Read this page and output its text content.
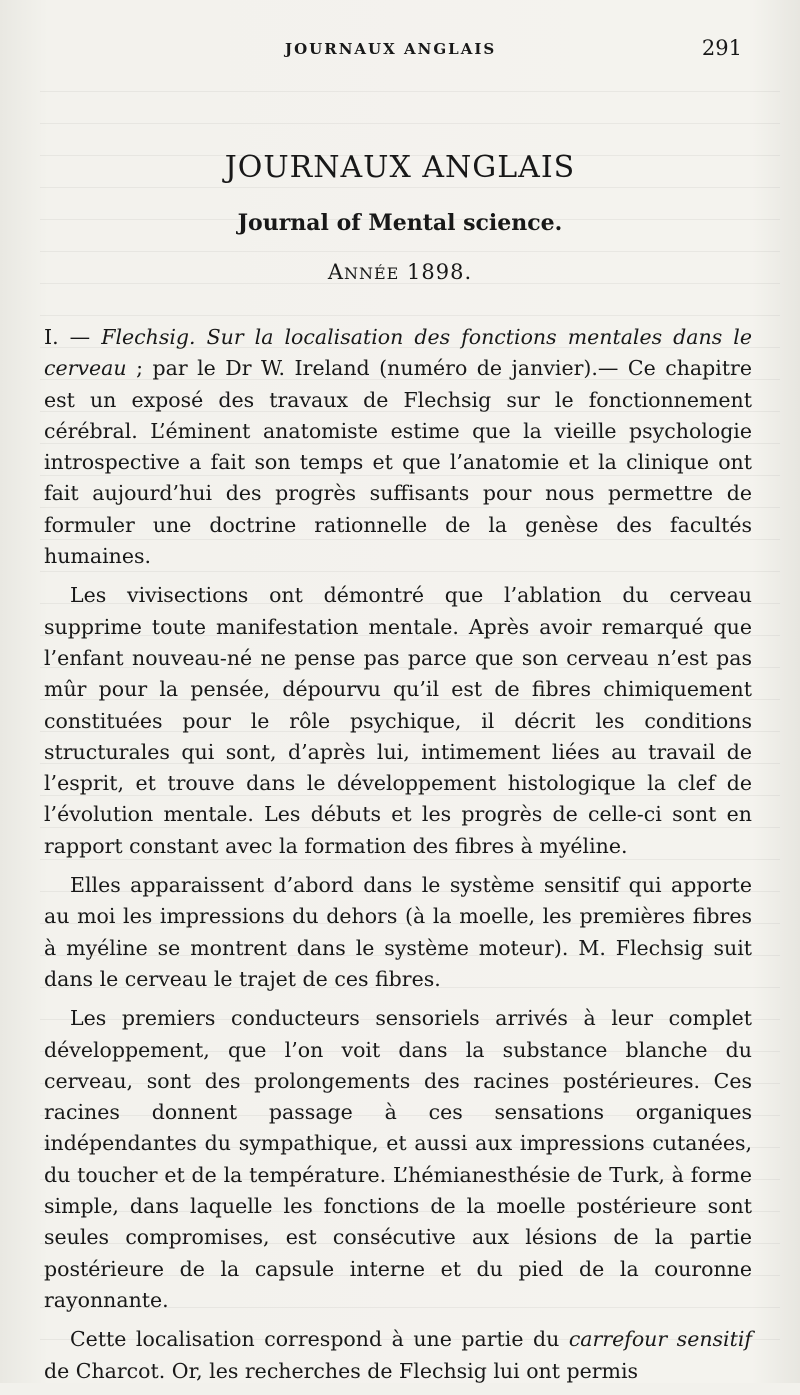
JOURNAUX ANGLAIS	291
JOURNAUX ANGLAIS
Journal of Mental science.
ANNÉE 1898.

I. — Flechsig. Sur la localisation des fonctions mentales dans le cerveau ; par le Dr W. Ireland (numéro de janvier).— Ce chapitre est un exposé des travaux de Flechsig sur le fonctionnement cérébral. L’éminent anatomiste estime que la vieille psychologie introspective a fait son temps et que l’anatomie et la clinique ont fait aujourd’hui des progrès suffisants pour nous permettre de formuler une doctrine rationnelle de la genèse des facultés humaines.

Les vivisections ont démontré que l’ablation du cerveau supprime toute manifestation mentale. Après avoir remarqué que l’enfant nouveau-né ne pense pas parce que son cerveau n’est pas mûr pour la pensée, dépourvu qu’il est de fibres chimiquement constituées pour le rôle psychique, il décrit les conditions structurales qui sont, d’après lui, intimement liées au travail de l’esprit, et trouve dans le développement histologique la clef de l’évolution mentale. Les débuts et les progrès de celle-ci sont en rapport constant avec la formation des fibres à myéline.

Elles apparaissent d’abord dans le système sensitif qui apporte au moi les impressions du dehors (à la moelle, les premières fibres à myéline se montrent dans le système moteur). M. Flechsig suit dans le cerveau le trajet de ces fibres.

Les premiers conducteurs sensoriels arrivés à leur complet développement, que l’on voit dans la substance blanche du cerveau, sont des prolongements des racines postérieures. Ces racines donnent passage à ces sensations organiques indépendantes du sympathique, et aussi aux impressions cutanées, du toucher et de la température. L’hémianesthésie de Turk, à forme simple, dans laquelle les fonctions de la moelle postérieure sont seules compromises, est consécutive aux lésions de la partie postérieure de la capsule interne et du pied de la couronne rayonnante.

Cette localisation correspond à une partie du carrefour sensitif de Charcot. Or, les recherches de Flechsig lui ont permis
